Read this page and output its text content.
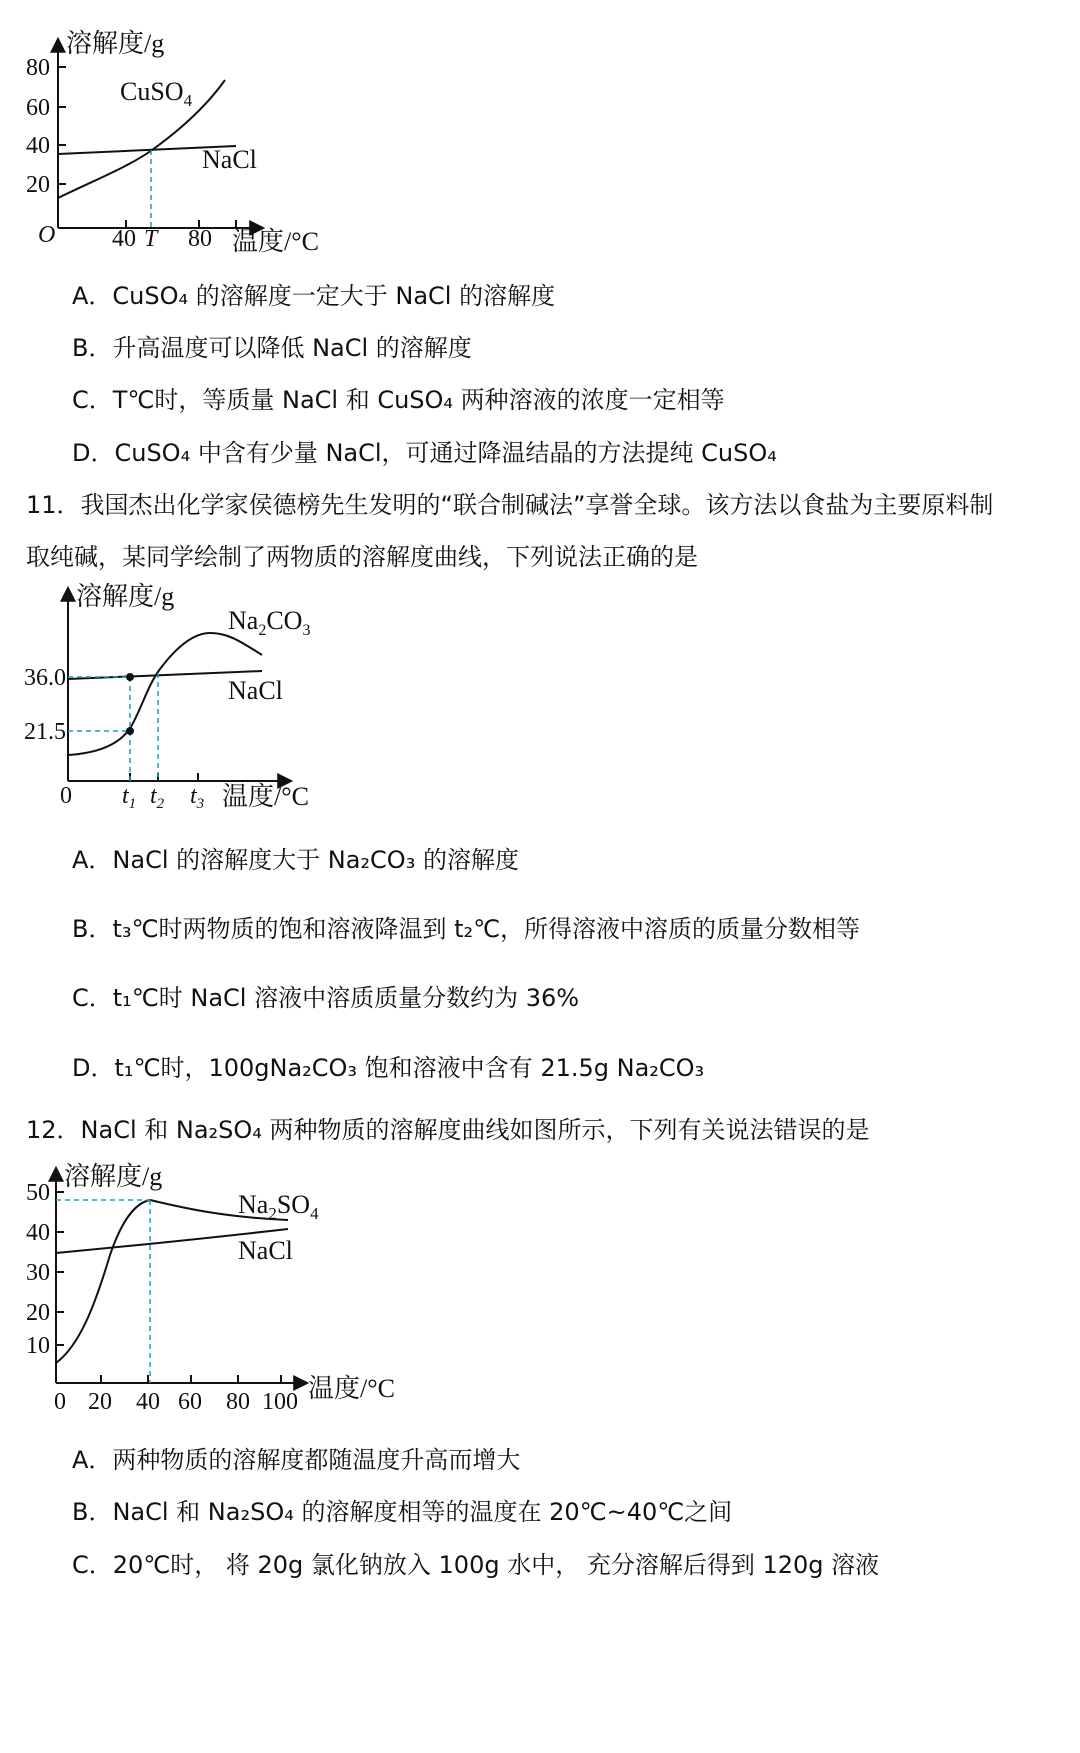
溶解度/g
温度/°C
O
80
60
40
20
40 T 80
CuSO$_4$
NaCl
A．CuSO₄ 的溶解度一定大于 NaCl 的溶解度
B．升高温度可以降低 NaCl 的溶解度
C．T℃时，等质量 NaCl 和 CuSO₄ 两种溶液的浓度一定相等
D．CuSO₄ 中含有少量 NaCl，可通过降温结晶的方法提纯 CuSO₄
11．我国杰出化学家侯德榜先生发明的“联合制碱法”享誉全球。该方法以食盐为主要原料制
取纯碱，某同学绘制了两物质的溶解度曲线，下列说法正确的是
溶解度/g
温度/°C
0
36.0
21.5
$t_1$ $t_2$ $t_3$
$Na_2CO_3$
NaCl
A．NaCl 的溶解度大于 Na₂CO₃ 的溶解度
B．t₃℃时两物质的饱和溶液降温到 t₂℃，所得溶液中溶质的质量分数相等
C．t₁℃时 NaCl 溶液中溶质质量分数约为 36%
D．t₁℃时，100gNa₂CO₃ 饱和溶液中含有 21.5g Na₂CO₃
12．NaCl 和 Na₂SO₄ 两种物质的溶解度曲线如图所示，下列有关说法错误的是
溶解度/g
温度/°C
0
50
40
30
20
10
20 40 60 80 100
$Na_2SO_4$
NaCl
A．两种物质的溶解度都随温度升高而增大
B．NaCl 和 Na₂SO₄ 的溶解度相等的温度在 20℃~40℃之间
C．20℃时， 将 20g 氯化钠放入 100g 水中， 充分溶解后得到 120g 溶液
